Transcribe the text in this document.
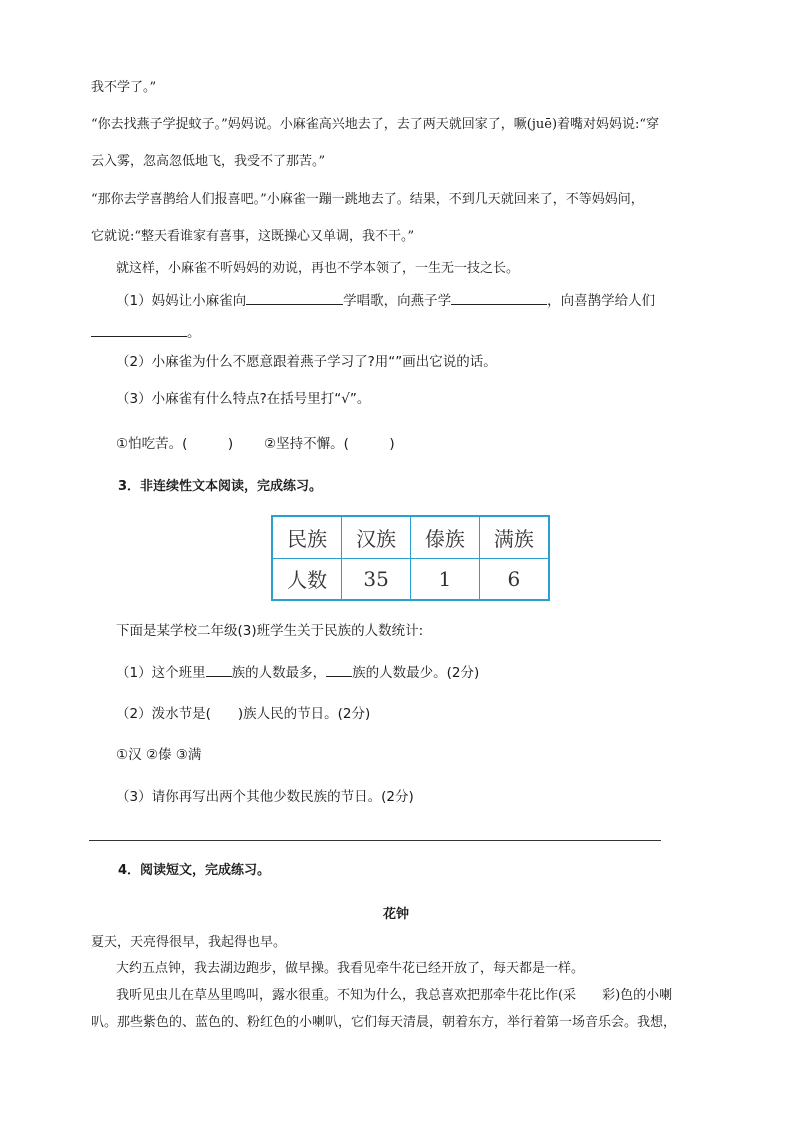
我不学了。”
“你去找燕子学捉蚊子。”妈妈说。小麻雀高兴地去了，去了两天就回家了，噘(juē)着嘴对妈妈说:“穿
云入雾，忽高忽低地飞，我受不了那苦。”
“那你去学喜鹊给人们报喜吧。”小麻雀一蹦一跳地去了。结果，不到几天就回来了，不等妈妈问，
它就说:“整天看谁家有喜事，这既操心又单调，我不干。”
就这样，小麻雀不听妈妈的劝说，再也不学本领了，一生无一技之长。
（1）妈妈让小麻雀向	学唱歌，向燕子学	，向喜鹊学给人们
。
（2）小麻雀为什么不愿意跟着燕子学习了?用“”画出它说的话。
（3）小麻雀有什么特点?在括号里打“√”。
①怕吃苦。(　　　) ②坚持不懈。(　　　)
3．非连续性文本阅读，完成练习。
民族	汉族	傣族	满族
人数	35	1	6
下面是某学校二年级(3)班学生关于民族的人数统计:
（1）这个班里 族的人数最多， 族的人数最少。(2分)
（2）泼水节是(　　)族人民的节日。(2分)
①汉 ②傣 ③满
（3）请你再写出两个其他少数民族的节日。(2分)
4．阅读短文，完成练习。
花钟
夏天，天亮得很早，我起得也早。
大约五点钟，我去湖边跑步，做早操。我看见牵牛花已经开放了，每天都是一样。
我听见虫儿在草丛里鸣叫，露水很重。不知为什么，我总喜欢把那牵牛花比作(采　　彩)色的小喇
叭。那些紫色的、蓝色的、粉红色的小喇叭，它们每天清晨，朝着东方，举行着第一场音乐会。我想，
